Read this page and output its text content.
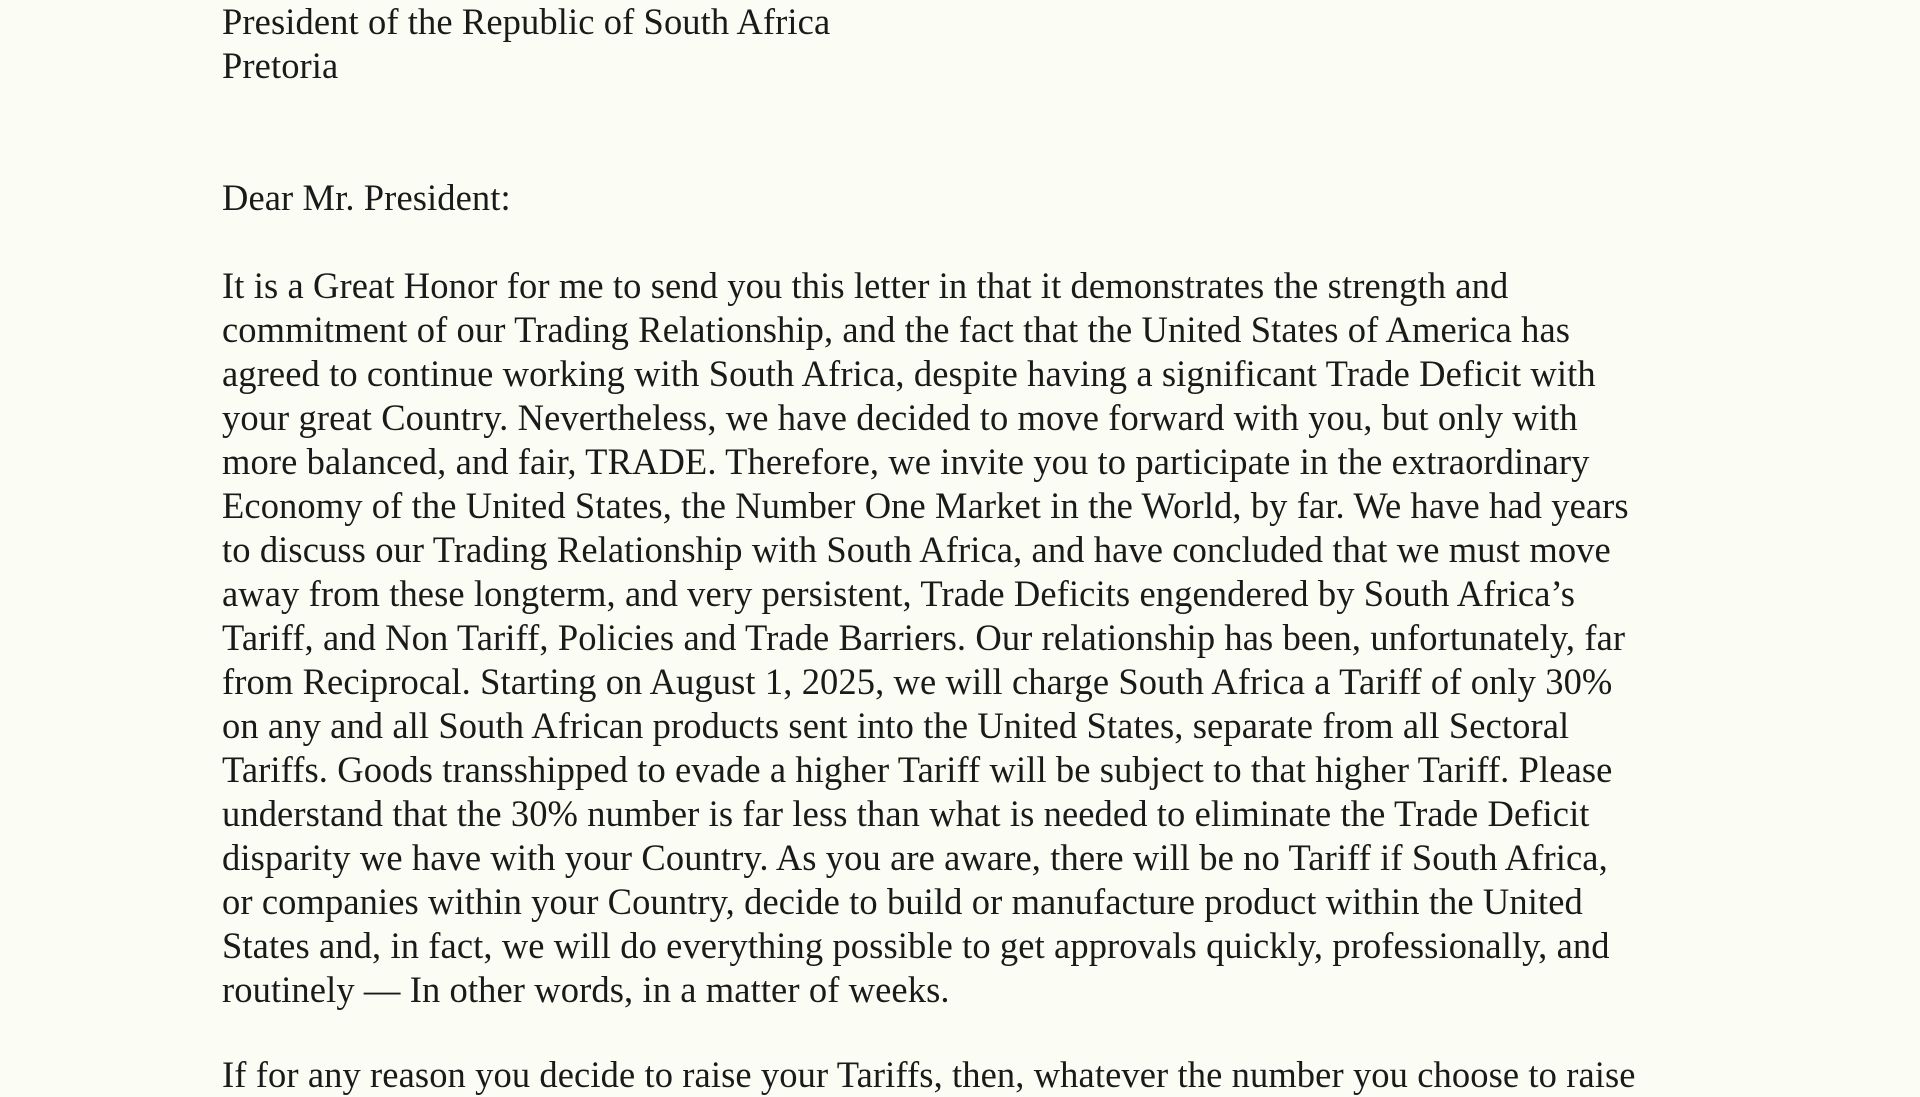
President of the Republic of South Africa
Pretoria
Dear Mr. President:
It is a Great Honor for me to send you this letter in that it demonstrates the strength and
commitment of our Trading Relationship, and the fact that the United States of America has
agreed to continue working with South Africa, despite having a significant Trade Deficit with
your great Country. Nevertheless, we have decided to move forward with you, but only with
more balanced, and fair, TRADE. Therefore, we invite you to participate in the extraordinary
Economy of the United States, the Number One Market in the World, by far. We have had years
to discuss our Trading Relationship with South Africa, and have concluded that we must move
away from these longterm, and very persistent, Trade Deficits engendered by South Africa’s
Tariff, and Non Tariff, Policies and Trade Barriers. Our relationship has been, unfortunately, far
from Reciprocal. Starting on August 1, 2025, we will charge South Africa a Tariff of only 30%
on any and all South African products sent into the United States, separate from all Sectoral
Tariffs. Goods transshipped to evade a higher Tariff will be subject to that higher Tariff. Please
understand that the 30% number is far less than what is needed to eliminate the Trade Deficit
disparity we have with your Country. As you are aware, there will be no Tariff if South Africa,
or companies within your Country, decide to build or manufacture product within the United
States and, in fact, we will do everything possible to get approvals quickly, professionally, and
routinely — In other words, in a matter of weeks.
If for any reason you decide to raise your Tariffs, then, whatever the number you choose to raise
